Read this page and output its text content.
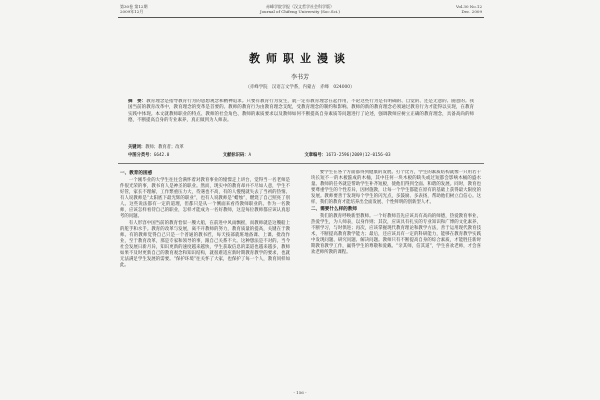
第30卷 第12期
2009年12月
赤峰学院学报（汉文哲学社会科学版）
Journal of Chifeng University (Soc.Sci.)
Vol.30 No.12
Dec. 2009
教师职业漫谈
李书芳
（赤峰学院　汉语言文学系，内蒙古　赤峰　024000）
摘　要：教育理念是指导教育行为的思想观念和精神追求。只要有教育行为发生，就一定有教育理念在起作用，不论这些行为是有明确的、自觉的、还是无意的、随意的。我国当前的教育改革中，教育理念的变革是首要的。教师的教育行为由教育理念支配，受教育理念的制约和影响。教师的新的教育理念必须通过教育行为才能得以实现，在教育实践中体现。本文就教师职业的特点、教师的社会角色、教师的素质要求以及教师如何不断提高自身素质等问题进行了论述，强调教师应树立正确的教育理念，具备高尚的师德，不断提高自身的专业素养，真正做到为人师表。
关键词：教师；教育者；改革
中图分类号：G642.0	文献标识码：A	文章编号：1673-2596(2009)12-0156-03
一、教育的困惑

一个刚毕业的大学生往往会满怀着对教育事业的憧憬走上讲台，觉得当一名老师是件很光荣的事，教书育人是神圣的职业。然而，现实中的教育却并不尽如人意，学生不好管，家长不理解，工作繁重压力大，待遇也不高，有的人慢慢就失去了当初的热情。有人说教师是“太阳底下最光辉的职业”，也有人说教师是“蜡烛”，燃烧了自己照亮了别人。这些说法都有一定的道理，但都只是从一个侧面来看待教师职业的。作为一名教师，应该怎样看待自己的职业，怎样才能成为一名好教师，这是每位教师都应该认真思考的问题。

有人形容中国当前的教育恰似一艘大船，在前进中风雨飘摇，而教师就是这艘船上的舵手和水手。教育的改革与发展，离不开教师的努力，教育质量的提高，关键在于教师。有的教师觉得自己只是一个普通的教书匠，每天按部就班地备课、上课、批改作业，至于教育改革，那是专家和领导的事，跟自己关系不大。这种想法是不对的。当今社会发展日新月异，知识更新的速度越来越快，学生获取信息的渠道也越来越多，教师如果不及时更新自己的教育观念和知识结构，就很难适应新时期教育教学的要求，也就无法满足学生发展的需要。“保护环境”往关怀了大家，也保护了每一个人，教育同样如此。

要学生在各个方面都得到健康的发展。打个比方，学生的素质结构就像一只用若干块长短不一的木板箍成的木桶，其中任何一块木板的缺失或过短都会影响木桶的盛水量。教师的任务就是帮助学生补齐短板，使他们得到全面、和谐的发展。同时，教育也要尊重学生的个性差异，因材施教，让每一个学生都能在原有的基础上获得最大限度的发展。教师要善于发现每个学生的闪光点，多鼓励、多表扬，帮助他们树立自信心。这样，我们的教育才能培养出全面发展、个性鲜明的创新型人才。

二、需要什么样的教师

我们的教育呼唤新型教师。一个好教师首先应该具有高尚的师德，热爱教育事业，热爱学生，为人师表，以身作则；其次，应该具有扎实的专业知识和广博的文化素养，不断学习，与时俱进；再次，应该掌握现代教育理论和教学方法，善于运用现代教育技术，不断提高教育教学能力；最后，还应该具有一定的科研能力，能够在教育教学实践中发现问题、研究问题、解决问题。教师只有不断提高自身的综合素质，才能胜任新时期教育教学工作，赢得学生的尊敬和爱戴。“亲其师，信其道”，学生喜欢老师，才会喜欢老师所教的课程。

- 156 -
